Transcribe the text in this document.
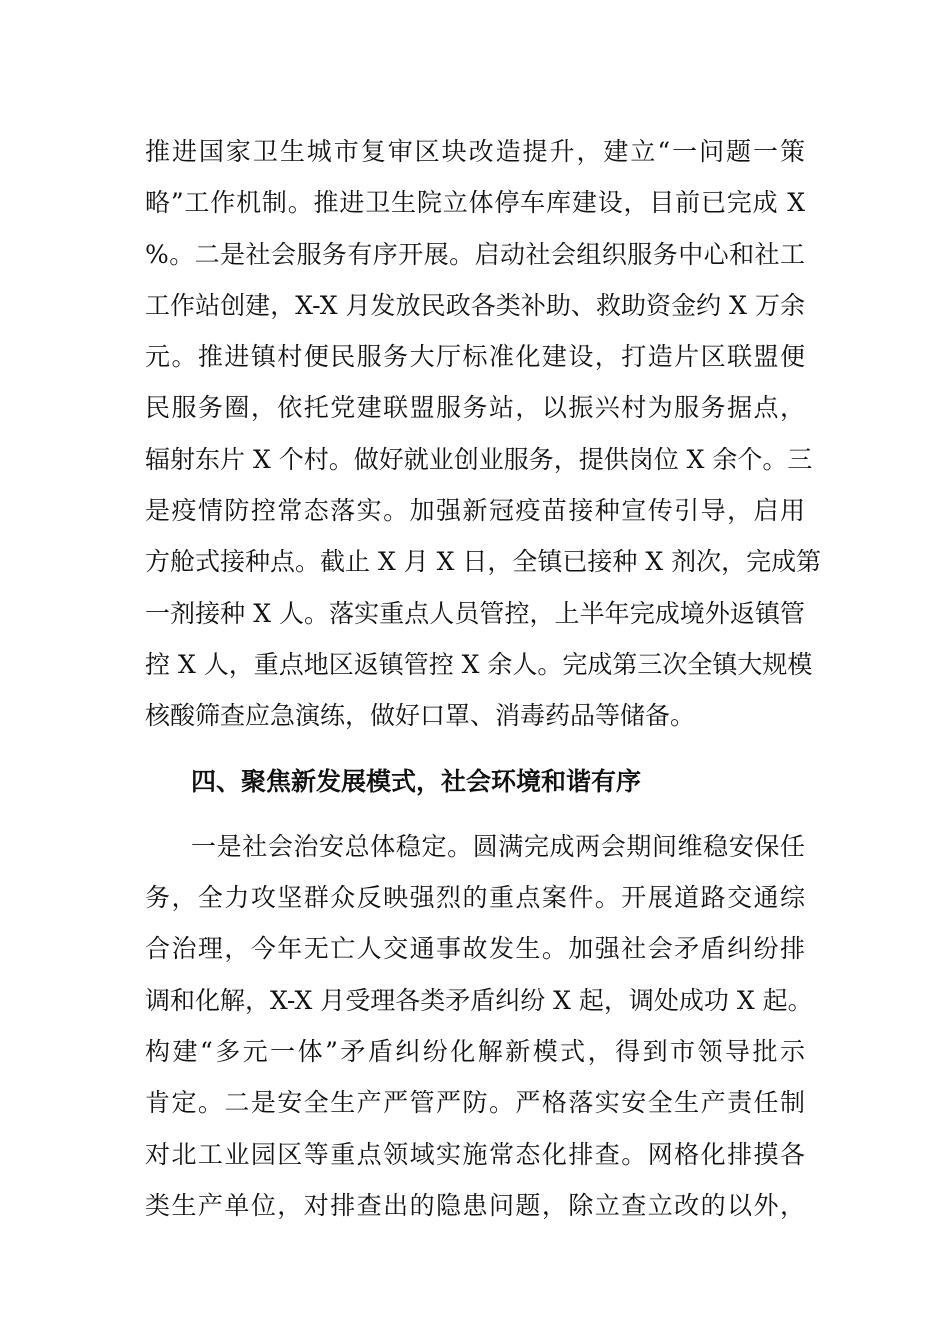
推进国家卫生城市复审区块改造提升，建立“一问题一策
略”工作机制。推进卫生院立体停车库建设，目前已完成 X
%。二是社会服务有序开展。启动社会组织服务中心和社工
工作站创建，X-X 月发放民政各类补助、救助资金约 X 万余
元。推进镇村便民服务大厅标准化建设，打造片区联盟便
民服务圈，依托党建联盟服务站，以振兴村为服务据点，
辐射东片 X 个村。做好就业创业服务，提供岗位 X 余个。三
是疫情防控常态落实。加强新冠疫苗接种宣传引导，启用
方舱式接种点。截止 X 月 X 日，全镇已接种 X 剂次，完成第
一剂接种 X 人。落实重点人员管控，上半年完成境外返镇管
控 X 人，重点地区返镇管控 X 余人。完成第三次全镇大规模
核酸筛查应急演练，做好口罩、消毒药品等储备。
四、聚焦新发展模式，社会环境和谐有序
一是社会治安总体稳定。圆满完成两会期间维稳安保任
务，全力攻坚群众反映强烈的重点案件。开展道路交通综
合治理，今年无亡人交通事故发生。加强社会矛盾纠纷排
调和化解，X-X 月受理各类矛盾纠纷 X 起，调处成功 X 起。
构建“多元一体”矛盾纠纷化解新模式，得到市领导批示
肯定。二是安全生产严管严防。严格落实安全生产责任制
对北工业园区等重点领域实施常态化排查。网格化排摸各
类生产单位，对排查出的隐患问题，除立查立改的以外，
